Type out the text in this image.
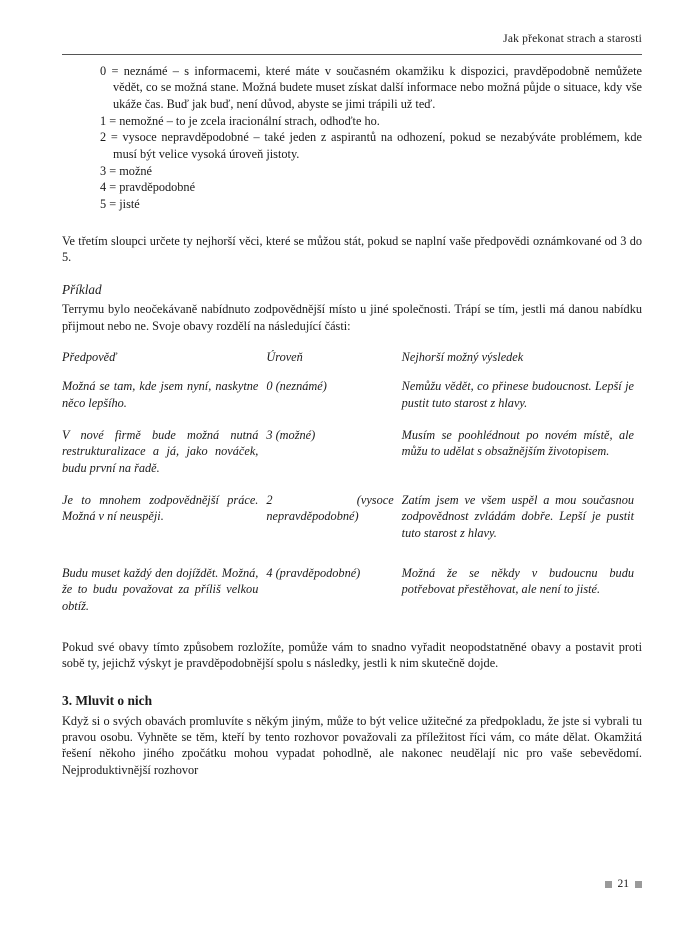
Jak překonat strach a starosti

0 = neznámé – s informacemi, které máte v současném okamžiku k dispozici, pravděpodobně nemůžete vědět, co se možná stane. Možná budete muset získat další informace nebo možná půjde o situace, kdy vše ukáže čas. Buď jak buď, není důvod, abyste se jimi trápili už teď.

1 = nemožné – to je zcela iracionální strach, odhoďte ho.

2 = vysoce nepravděpodobné – také jeden z aspirantů na odhození, pokud se nezabýváte problémem, kde musí být velice vysoká úroveň jistoty.

3 = možné

4 = pravděpodobné

5 = jisté

Ve třetím sloupci určete ty nejhorší věci, které se můžou stát, pokud se naplní vaše předpovědi oznámkované od 3 do 5.

Příklad

Terrymu bylo neočekávaně nabídnuto zodpovědnější místo u jiné společnosti. Trápí se tím, jestli má danou nabídku přijmout nebo ne. Svoje obavy rozdělí na následující části:

Předpověď	Úroveň	Nejhorší možný výsledek
Možná se tam, kde jsem nyní, naskytne něco lepšího.	0 (neznámé)	Nemůžu vědět, co přinese budoucnost. Lepší je pustit tuto starost z hlavy.
V nové firmě bude možná nutná restrukturalizace a já, jako nováček, budu první na řadě.	3 (možné)	Musím se poohlédnout po novém místě, ale můžu to udělat s obsažnějším životopisem.
Je to mnohem zodpovědnější práce. Možná v ní neuspěji.	2 (vysoce nepravděpodobné)	Zatím jsem ve všem uspěl a mou současnou zodpovědnost zvládám dobře. Lepší je pustit tuto starost z hlavy.
Budu muset každý den dojíždět. Možná, že to budu považovat za příliš velkou obtíž.	4 (pravděpodobné)	Možná že se někdy v budoucnu budu potřebovat přestěhovat, ale není to jisté.

Pokud své obavy tímto způsobem rozložíte, pomůže vám to snadno vyřadit neopodstatněné obavy a postavit proti sobě ty, jejichž výskyt je pravděpodobnější spolu s následky, jestli k nim skutečně dojde.

3. Mluvit o nich

Když si o svých obavách promluvíte s někým jiným, může to být velice užitečné za předpokladu, že jste si vybrali tu pravou osobu. Vyhněte se těm, kteří by tento rozhovor považovali za příležitost říci vám, co máte dělat. Okamžitá řešení někoho jiného zpočátku mohou vypadat pohodlně, ale nakonec neudělají nic pro vaše sebevědomí. Nejproduktivnější rozhovor

21
